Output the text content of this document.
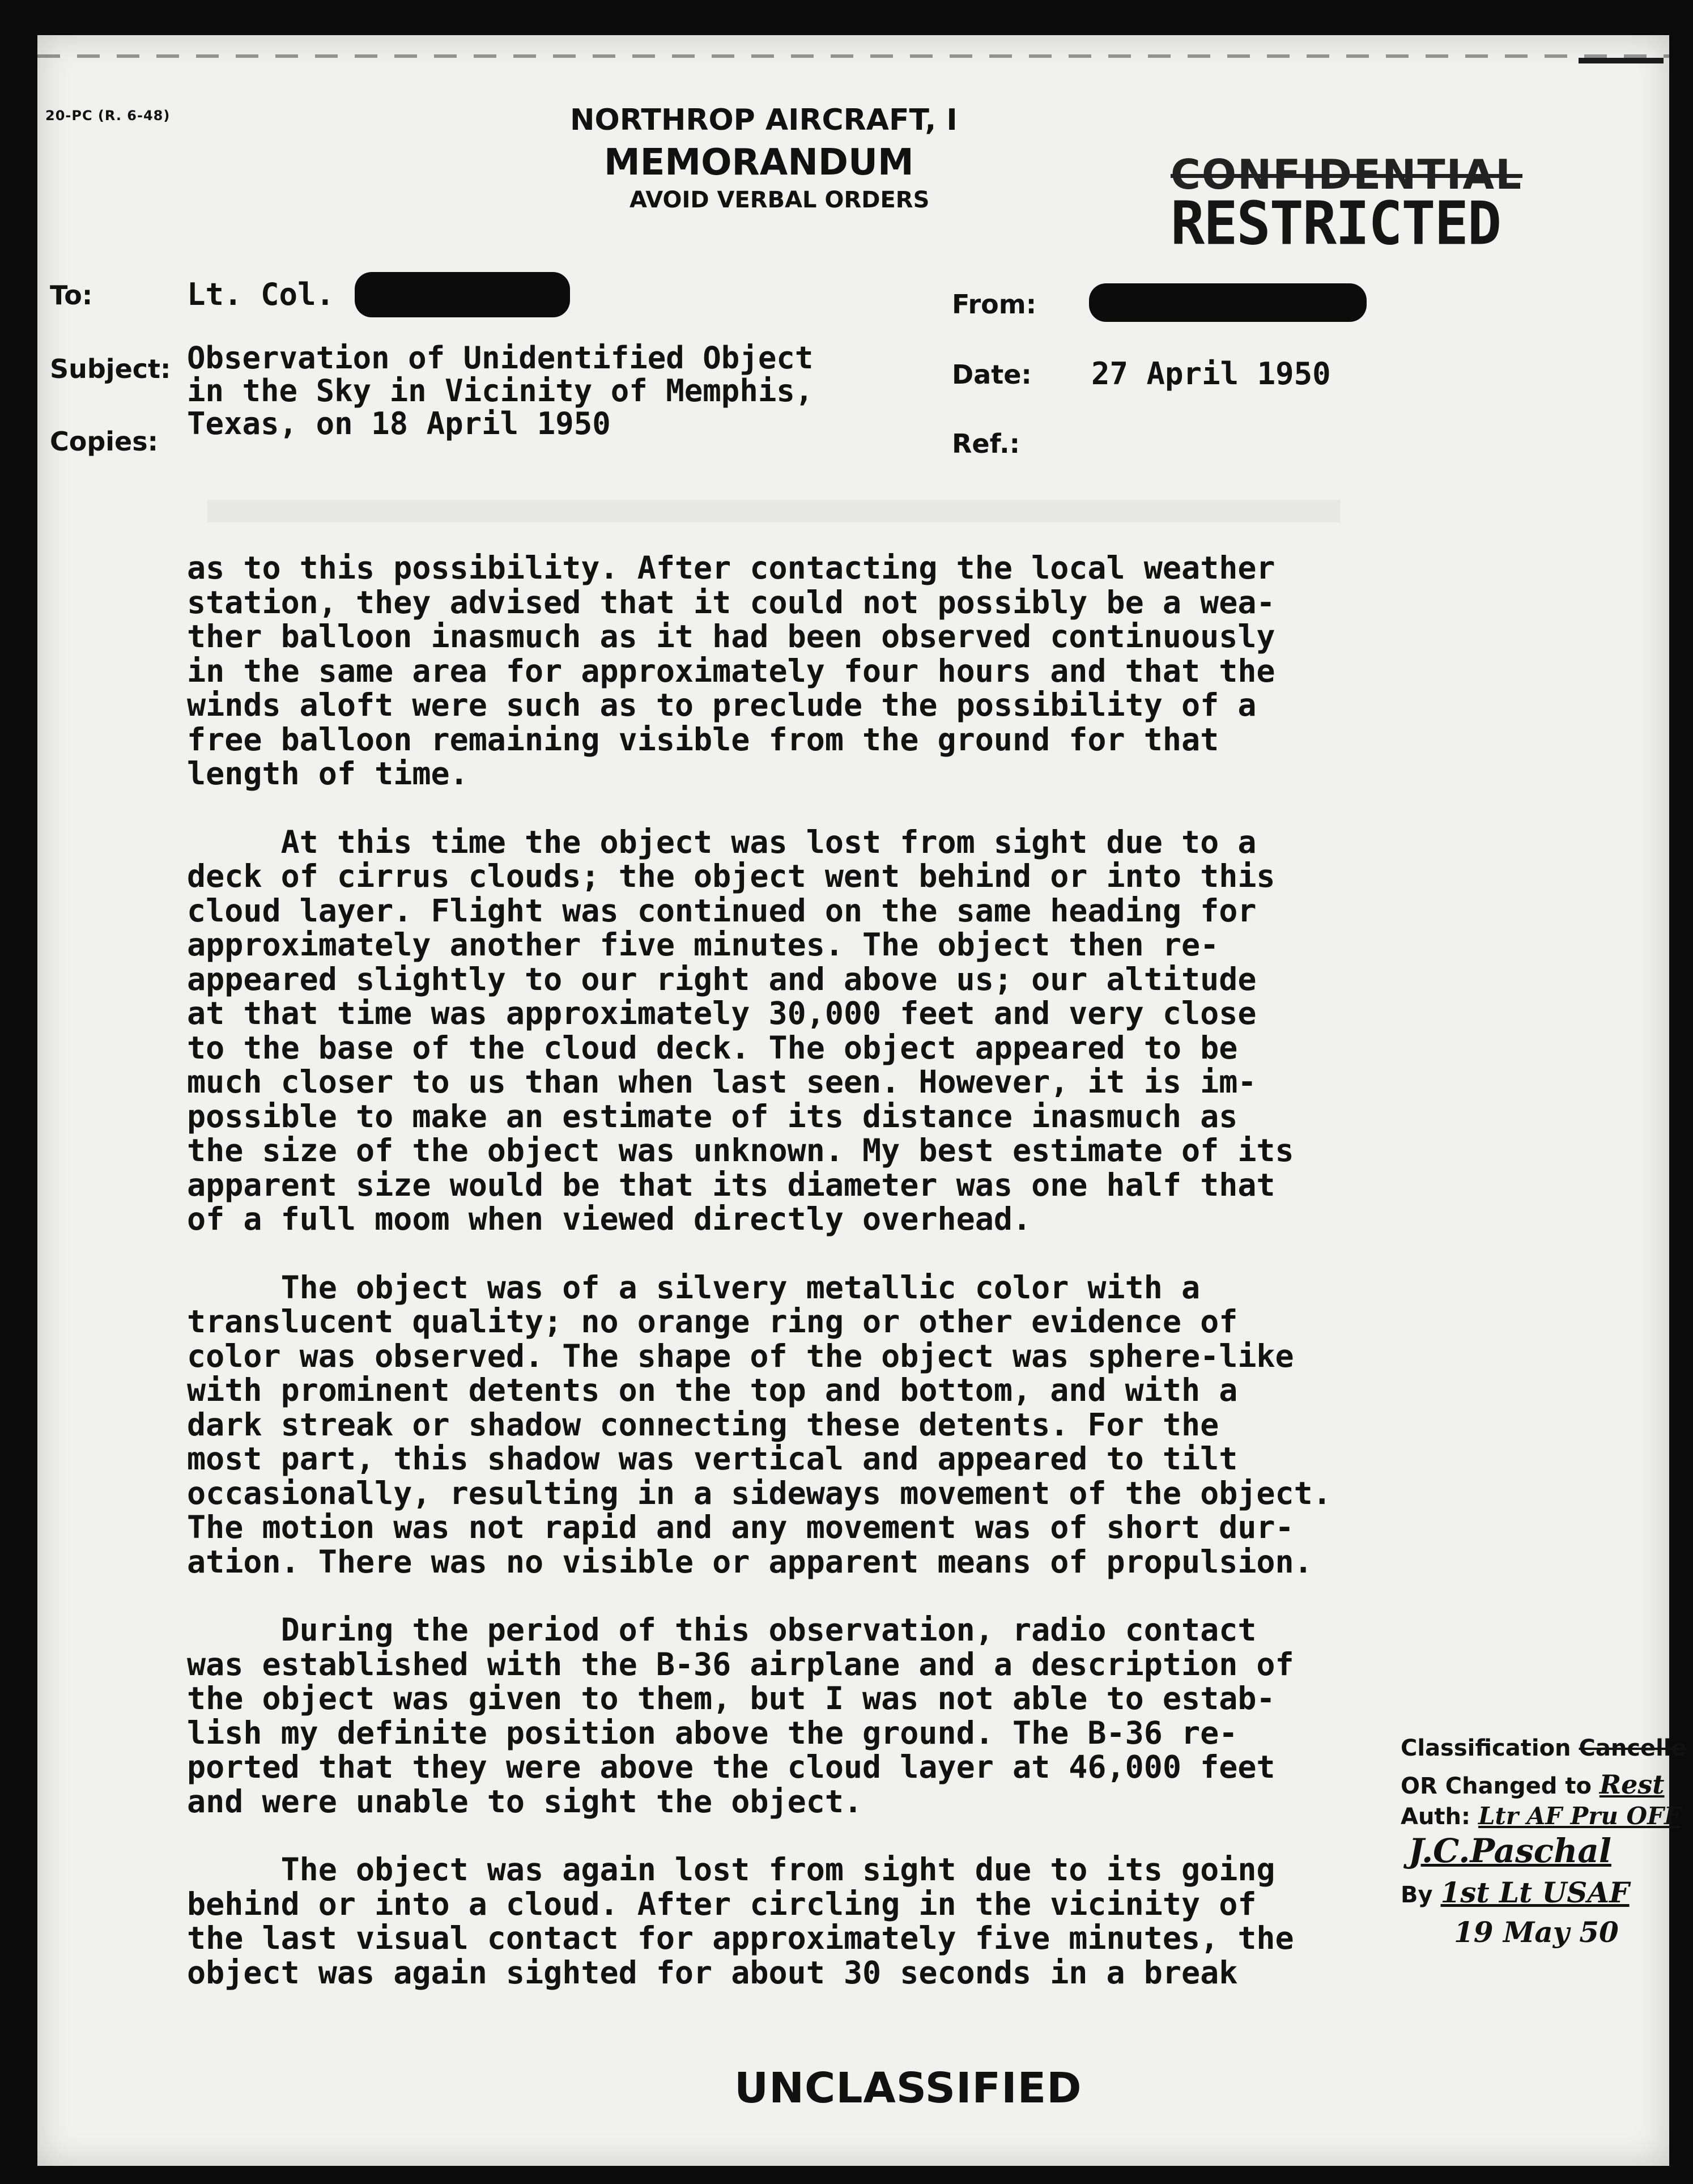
20-PC (R. 6-48)	NORTHROP AIRCRAFT, I
MEMORANDUM
AVOID VERBAL ORDERS
CONFIDENTIAL
RESTRICTED
To:	Lt. Col.
Subject: Observation of Unidentified Object
in the Sky in Vicinity of Memphis,
Texas, on 18 April 1950
Copies:
From:
Date: 27 April 1950
Ref.:
as to this possibility. After contacting the local weather
station, they advised that it could not possibly be a wea-
ther balloon inasmuch as it had been observed continuously
in the same area for approximately four hours and that the
winds aloft were such as to preclude the possibility of a
free balloon remaining visible from the ground for that
length of time.
At this time the object was lost from sight due to a
deck of cirrus clouds; the object went behind or into this
cloud layer. Flight was continued on the same heading for
approximately another five minutes. The object then re-
appeared slightly to our right and above us; our altitude
at that time was approximately 30,000 feet and very close
to the base of the cloud deck. The object appeared to be
much closer to us than when last seen. However, it is im-
possible to make an estimate of its distance inasmuch as
the size of the object was unknown. My best estimate of its
apparent size would be that its diameter was one half that
of a full moom when viewed directly overhead.
The object was of a silvery metallic color with a
translucent quality; no orange ring or other evidence of
color was observed. The shape of the object was sphere-like
with prominent detents on the top and bottom, and with a
dark streak or shadow connecting these detents. For the
most part, this shadow was vertical and appeared to tilt
occasionally, resulting in a sideways movement of the object.
The motion was not rapid and any movement was of short dur-
ation. There was no visible or apparent means of propulsion.
During the period of this observation, radio contact
was established with the B-36 airplane and a description of
the object was given to them, but I was not able to estab-
lish my definite position above the ground. The B-36 re-
ported that they were above the cloud layer at 46,000 feet
and were unable to sight the object.
The object was again lost from sight due to its going
behind or into a cloud. After circling in the vicinity of
the last visual contact for approximately five minutes, the
object was again sighted for about 30 seconds in a break
Classification Cancelle
OR Changed to Rest
Auth: Ltr AF Pru OFF
J.C.Paschal
By 1st Lt USAF
19 May 50
UNCLASSIFIED
